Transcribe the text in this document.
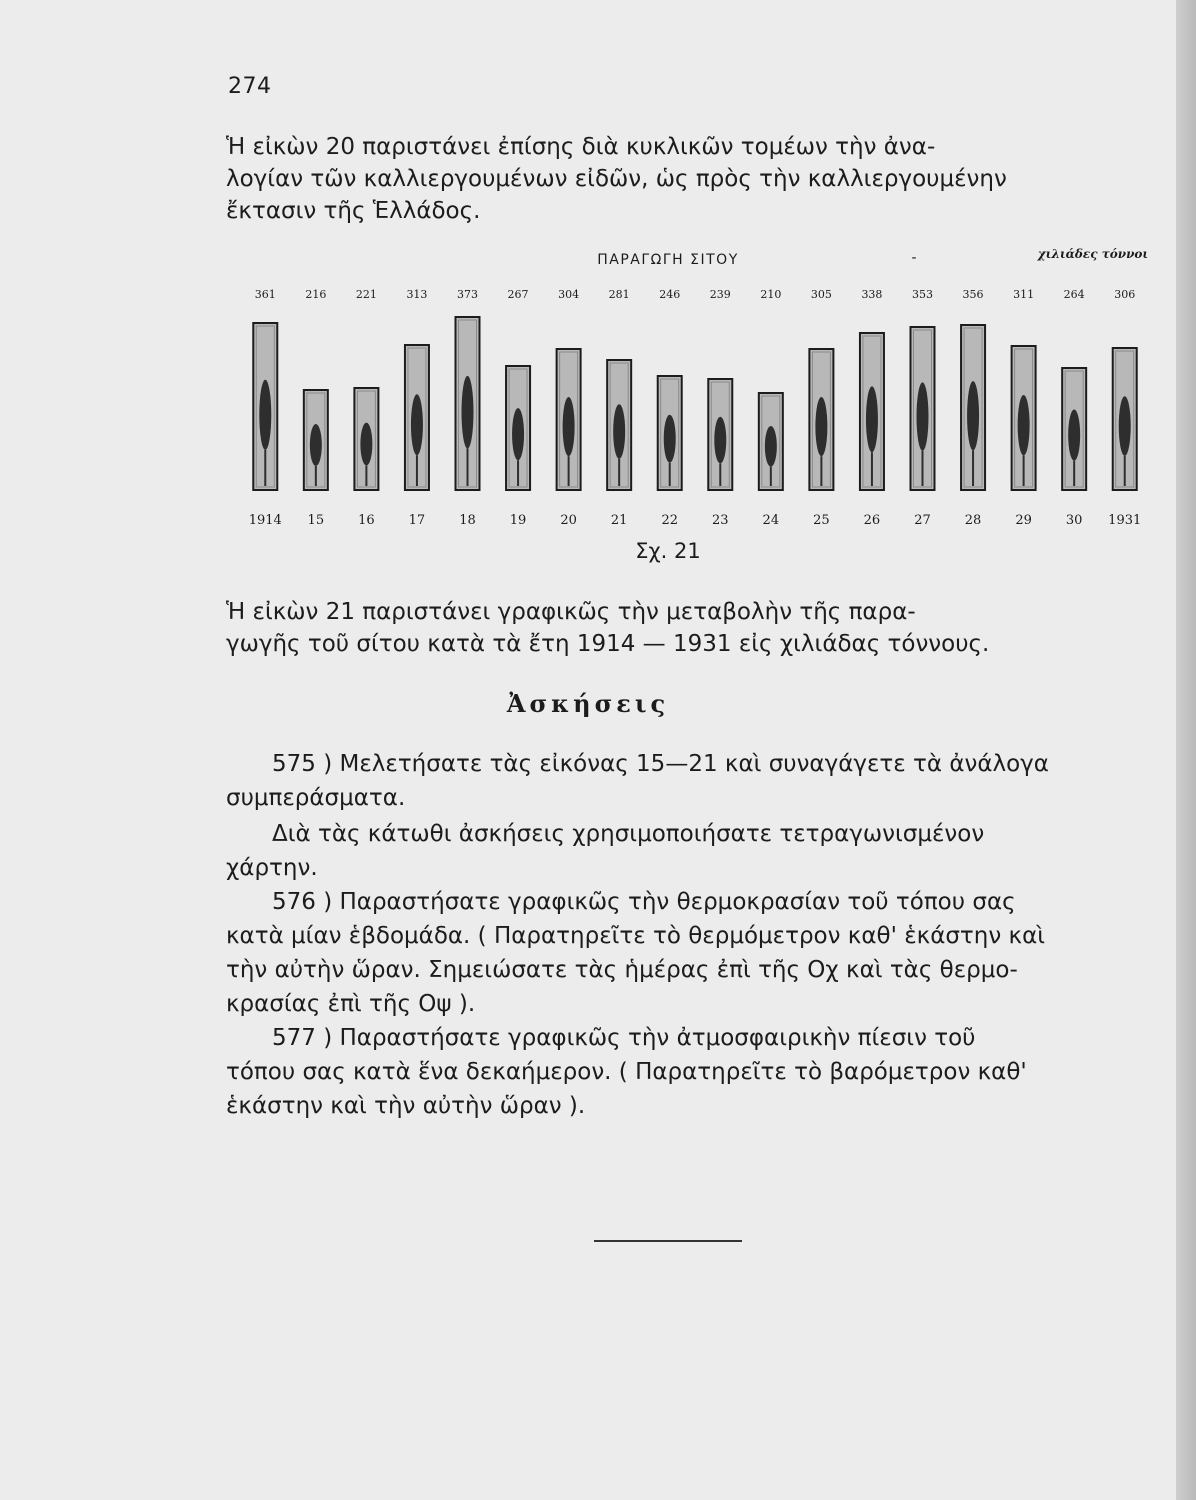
274

Ἡ εἰκὼν 20 παριστάνει ἐπίσης διὰ κυκλικῶν τομέων τὴν ἀνα-
λογίαν τῶν καλλιεργουμένων εἰδῶν, ὡς πρὸς τὴν καλλιεργουμένην
ἔκτασιν τῆς Ἑλλάδος.

ΠΑΡΑΓΩΓΗ ΣΙΤΟΥ	-	χιλιάδες τόννοι
361
1914
216
15
221
16
313
17
373
18
267
19
304
20
281
21
246
22
239
23
210
24
305
25
338
26
353
27
356
28
311
29
264
30
306
1931
Σχ. 21

Ἡ εἰκὼν 21 παριστάνει γραφικῶς τὴν μεταβολὴν τῆς παρα-
γωγῆς τοῦ σίτου κατὰ τὰ ἔτη 1914 — 1931 εἰς χιλιάδας τόννους.

Ἀσκήσεις
575 ) Μελετήσατε τὰς εἰκόνας 15—21 καὶ συναγάγετε τὰ ἀνάλογα
συμπεράσματα.
Διὰ τὰς κάτωθι ἀσκήσεις χρησιμοποιήσατε τετραγωνισμένον
χάρτην.
576 ) Παραστήσατε γραφικῶς τὴν θερμοκρασίαν τοῦ τόπου σας
κατὰ μίαν ἑβδομάδα. ( Παρατηρεῖτε τὸ θερμόμετρον καθ' ἑκάστην καὶ
τὴν αὐτὴν ὥραν. Σημειώσατε τὰς ἡμέρας ἐπὶ τῆς Οχ καὶ τὰς θερμο-
κρασίας ἐπὶ τῆς Οψ ).
577 ) Παραστήσατε γραφικῶς τὴν ἀτμοσφαιρικὴν πίεσιν τοῦ
τόπου σας κατὰ ἕνα δεκαήμερον. ( Παρατηρεῖτε τὸ βαρόμετρον καθ'
ἑκάστην καὶ τὴν αὐτὴν ὥραν ).
